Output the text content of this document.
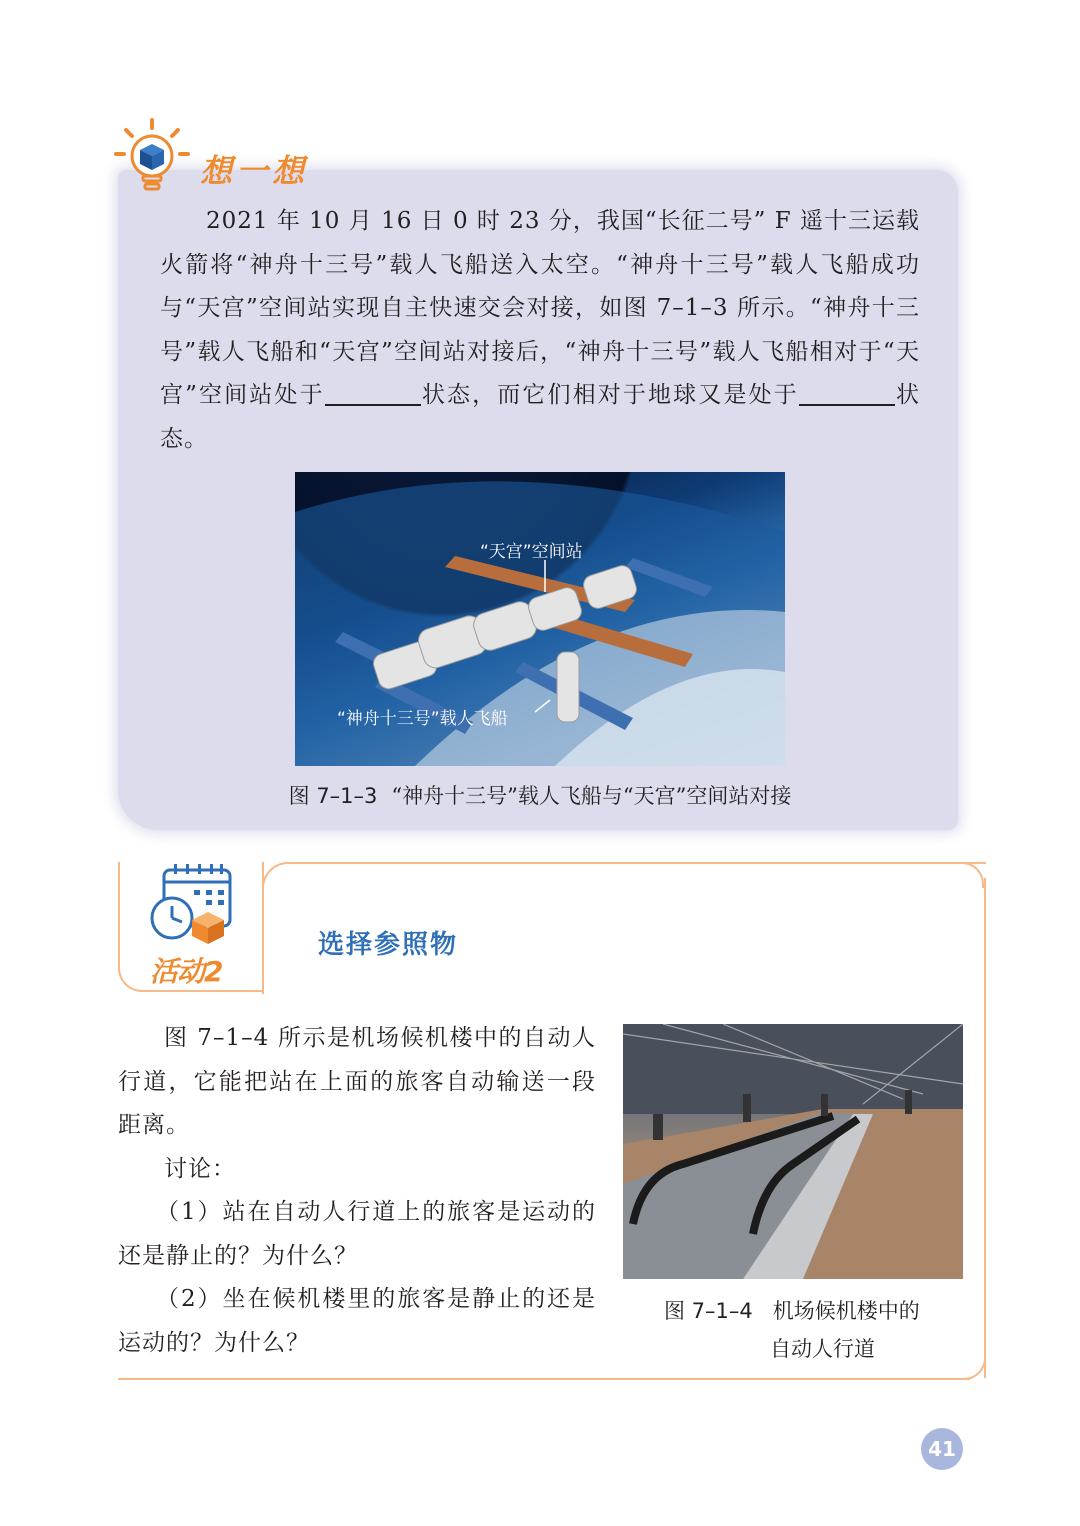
想一想

2021 年 10 月 16 日 0 时 23 分，我国“长征二号” F 遥十三运载火箭将“神舟十三号”载人飞船送入太空。“神舟十三号”载人飞船成功与“天宫”空间站实现自主快速交会对接，如图 7–1–3 所示。“神舟十三号”载人飞船和“天宫”空间站对接后，“神舟十三号”载人飞船相对于“天宫”空间站处于	状态，而它们相对于地球又是处于	状态。

“天宫”空间站
“神舟十三号”载人飞船
图 7–1–3 “神舟十三号”载人飞船与“天宫”空间站对接
活动2
选择参照物

图 7–1–4 所示是机场候机楼中的自动人行道，它能把站在上面的旅客自动输送一段距离。

讨论：

（1）站在自动人行道上的旅客是运动的还是静止的？为什么？

（2）坐在候机楼里的旅客是静止的还是运动的？为什么？

图 7–1–4 机场候机楼中的
自动人行道
41
